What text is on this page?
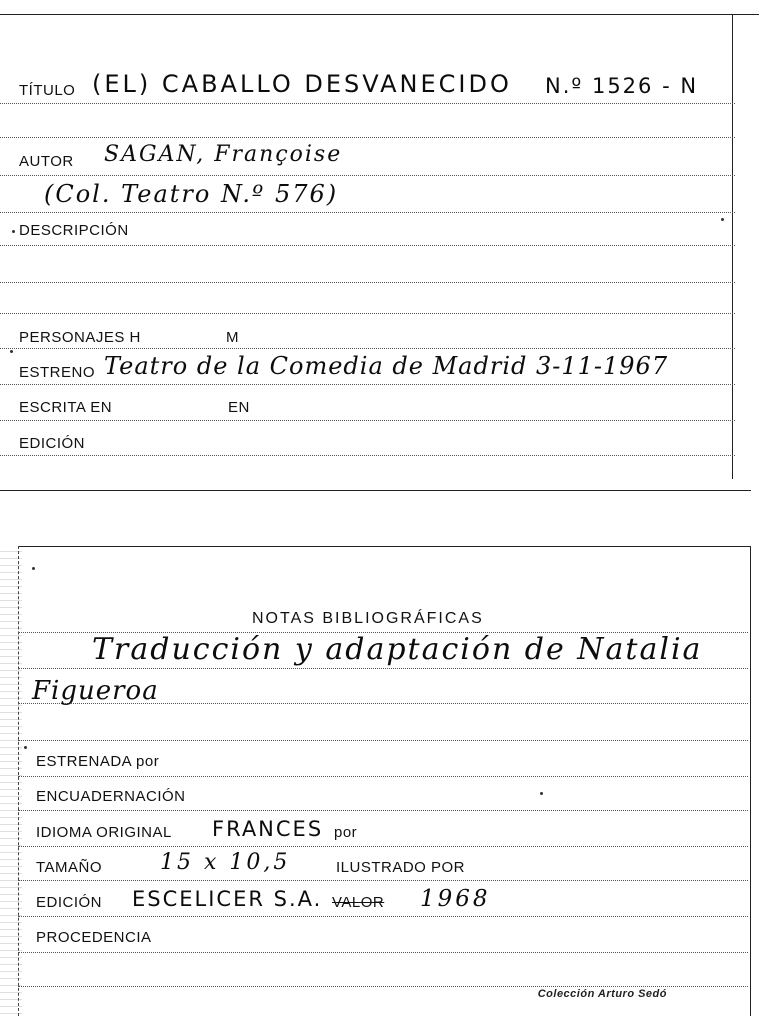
TÍTULO (EL) CABALLO DESVANECIDO N.º 1526 - N
AUTOR SAGAN, Françoise
(Col. Teatro N.º 576)
DESCRIPCIÓN
PERSONAJES H	M
ESTRENO Teatro de la Comedia de Madrid 3-11-1967
ESCRITA EN	EN
EDICIÓN
NOTAS BIBLIOGRÁFICAS
Traducción y adaptación de Natalia
Figueroa
ESTRENADA por
ENCUADERNACIÓN
IDIOMA ORIGINAL FRANCES por
TAMAÑO	15 x 10,5	ILUSTRADO POR
EDICIÓN ESCELICER S.A. VALOR 1968
PROCEDENCIA
Colección Arturo Sedó
